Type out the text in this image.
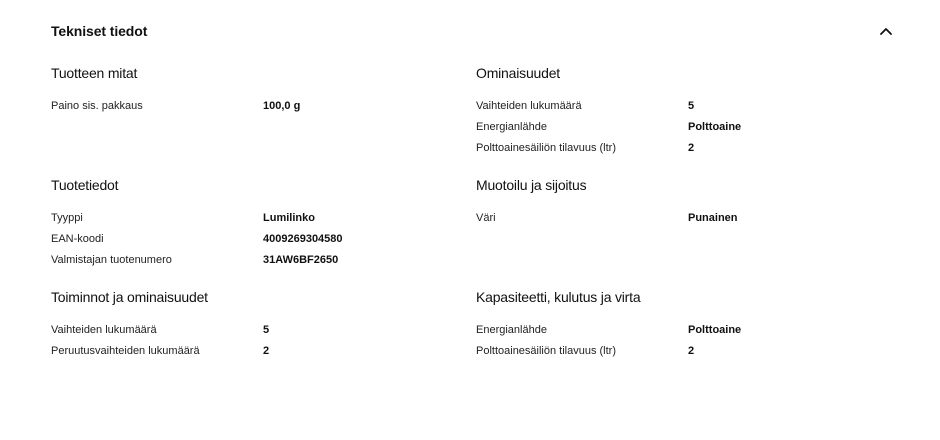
Tekniset tiedot
Tuotteen mitat
Paino sis. pakkaus	100,0 g
Ominaisuudet
Vaihteiden lukumäärä	5
Energianlähde	Polttoaine
Polttoainesäiliön tilavuus (ltr)	2
Tuotetiedot
Tyyppi	Lumilinko
EAN-koodi	4009269304580
Valmistajan tuotenumero	31AW6BF2650
Muotoilu ja sijoitus
Väri	Punainen
Toiminnot ja ominaisuudet
Vaihteiden lukumäärä	5
Peruutusvaihteiden lukumäärä	2
Kapasiteetti, kulutus ja virta
Energianlähde	Polttoaine
Polttoainesäiliön tilavuus (ltr)	2
